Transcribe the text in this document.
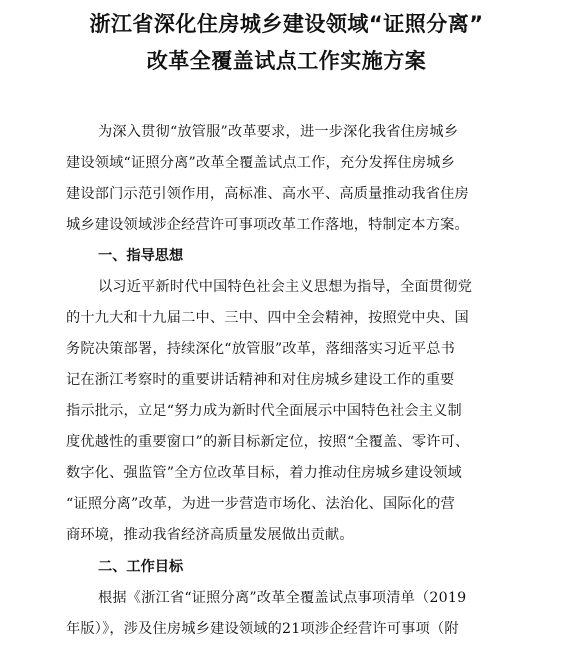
浙江省深化住房城乡建设领域“证照分离”
改革全覆盖试点工作实施方案
为深入贯彻“放管服”改革要求，进一步深化我省住房城乡
建设领域“证照分离”改革全覆盖试点工作，充分发挥住房城乡
建设部门示范引领作用，高标准、高水平、高质量推动我省住房
城乡建设领域涉企经营许可事项改革工作落地，特制定本方案。
一、指导思想
以习近平新时代中国特色社会主义思想为指导，全面贯彻党
的十九大和十九届二中、三中、四中全会精神，按照党中央、国
务院决策部署，持续深化“放管服”改革，落细落实习近平总书
记在浙江考察时的重要讲话精神和对住房城乡建设工作的重要
指示批示，立足“努力成为新时代全面展示中国特色社会主义制
度优越性的重要窗口”的新目标新定位，按照“全覆盖、零许可、
数字化、强监管”全方位改革目标，着力推动住房城乡建设领域
“证照分离”改革，为进一步营造市场化、法治化、国际化的营
商环境，推动我省经济高质量发展做出贡献。
二、工作目标
根据《浙江省“证照分离”改革全覆盖试点事项清单（2019
年版）》，涉及住房城乡建设领域的21项涉企经营许可事项（附
